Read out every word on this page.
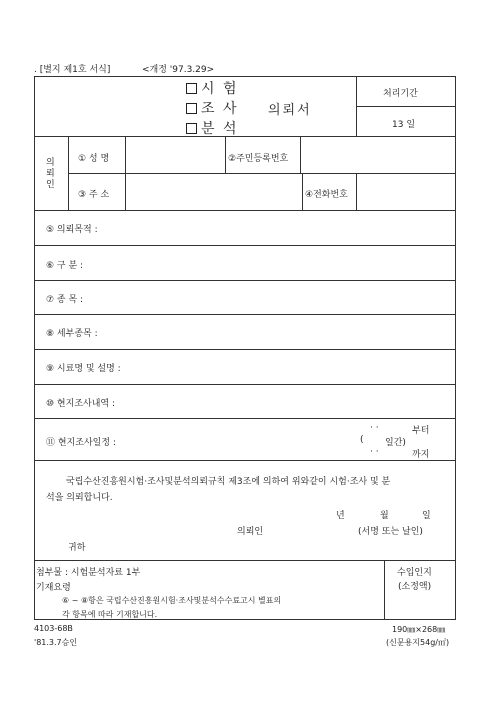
. [별지 제1호 서식]	<개정 '97.3.29>
시 험
조 사
분 석
의뢰서
처리기간
13 일
의
뢰
인
① 성 명	②주민등록번호
③ 주 소	④전화번호
⑤ 의뢰목적 :
⑥ 구 분 :
⑦ 종 목 :
⑧ 세부종목 :
⑨ 시료명 및 설명 :
⑩ 현지조사내역 :
⑪ 현지조사일정 :
· ·	부터
( 일간)
· ·	까지
국립수산진흥원시험·조사및분석의뢰규칙 제3조에 의하여 위와같이 시험·조사 및 분
석을 의뢰합니다.
년	월	일
의뢰인	(서명 또는 날인)
귀하
첨부물 : 시험분석자료 1부
기재요령
⑥ ~ ⑧항은 국립수산진흥원시험·조사및분석수수료고시 별표의
각 항목에 따라 기재합니다.
수입인지
(소정액)
4103-68B
'81.3.7승인
190㎜×268㎜
(신문용지54g/㎡)
